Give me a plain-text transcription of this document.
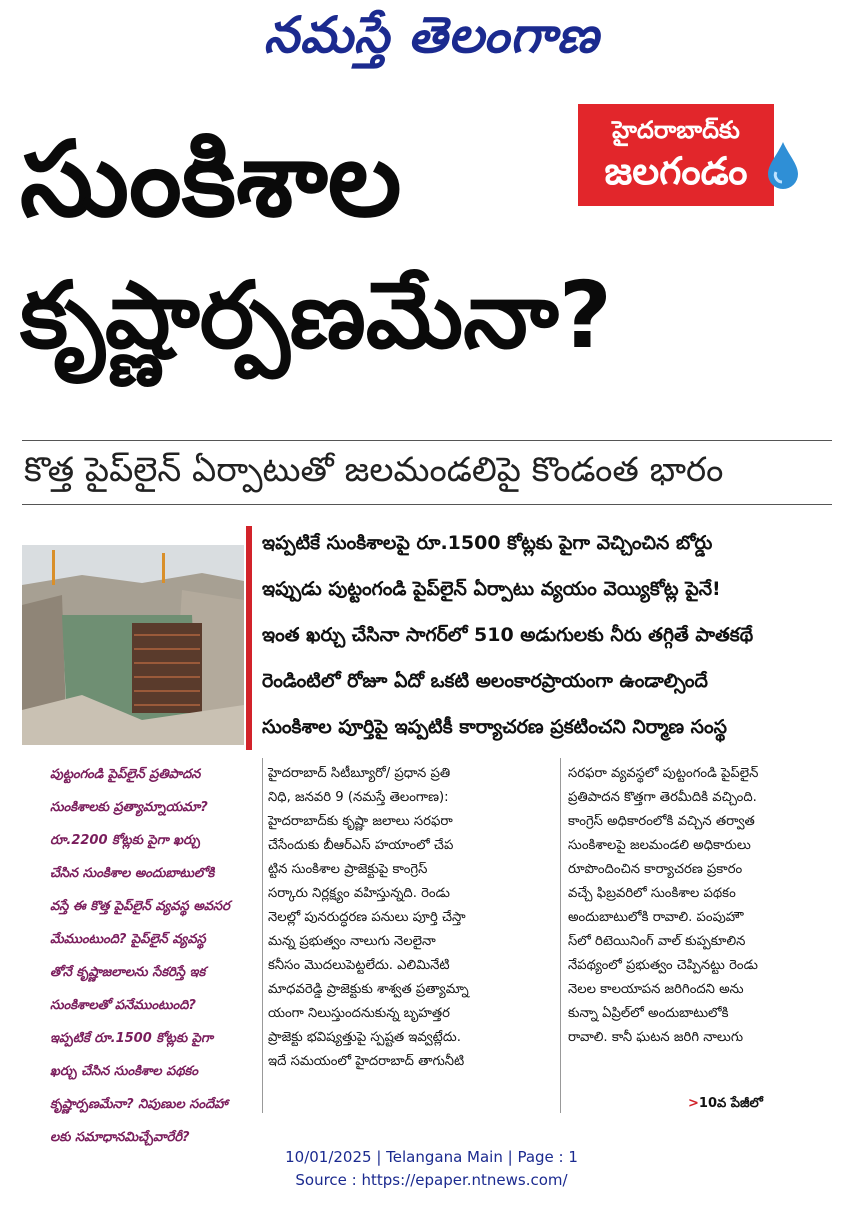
నమస్తే తెలంగాణ
సుంకిశాల
కృష్ణార్పణమేనా?
హైదరాబాద్‌కు
జలగండం
కొత్త పైప్‌లైన్ ఏర్పాటుతో జలమండలిపై కొండంత భారం
ఇప్పటికే సుంకిశాలపై రూ.1500 కోట్లకు పైగా వెచ్చించిన బోర్డు
ఇప్పుడు పుట్టంగండి పైప్‌లైన్ ఏర్పాటు వ్యయం వెయ్యికోట్ల పైనే!
ఇంత ఖర్చు చేసినా సాగర్‌లో 510 అడుగులకు నీరు తగ్గితే పాతకథే
రెండింటిలో రోజూ ఏదో ఒకటి అలంకారప్రాయంగా ఉండాల్సిందే
సుంకిశాల పూర్తిపై ఇప్పటికీ కార్యాచరణ ప్రకటించని నిర్మాణ సంస్థ
పుట్టంగండి పైప్‌లైన్ ప్రతిపాదన
సుంకిశాలకు ప్రత్యామ్నాయమా?
రూ.2200 కోట్లకు పైగా ఖర్చు
చేసిన సుంకిశాల అందుబాటులోకి
వస్తే ఈ కొత్త పైప్‌లైన్ వ్యవస్థ అవసర
మేముంటుంది? పైప్‌లైన్ వ్యవస్థ
తోనే కృష్ణాజలాలను సేకరిస్తే ఇక
సుంకిశాలతో పనేముంటుంది?
ఇప్పటికే రూ.1500 కోట్లకు పైగా
ఖర్చు చేసిన సుంకిశాల పథకం
కృష్ణార్పణమేనా? నిపుణుల సందేహా
లకు సమాధానమిచ్చేవారేరీ?
హైదరాబాద్ సిటీబ్యూరో/ ప్రధాన ప్రతి
నిధి, జనవరి 9 (నమస్తే తెలంగాణ):
హైదరాబాద్‌కు కృష్ణా జలాలు సరఫరా
చేసేందుకు బీఆర్‌ఎస్ హయాంలో చేప
ట్టిన సుంకిశాల ప్రాజెక్టుపై కాంగ్రెస్
సర్కారు నిర్లక్ష్యం వహిస్తున్నది. రెండు
నెలల్లో పునరుద్ధరణ పనులు పూర్తి చేస్తా
మన్న ప్రభుత్వం నాలుగు నెలలైనా
కనీసం మొదలుపెట్టలేదు. ఎలిమినేటి
మాధవరెడ్డి ప్రాజెక్టుకు శాశ్వత ప్రత్యామ్నా
యంగా నిలుస్తుందనుకున్న బృహత్తర
ప్రాజెక్టు భవిష్యత్తుపై స్పష్టత ఇవ్వట్లేదు.
ఇదే సమయంలో హైదరాబాద్ తాగునీటి
సరఫరా వ్యవస్థలో పుట్టంగండి పైప్‌లైన్
ప్రతిపాదన కొత్తగా తెరమీదికి వచ్చింది.
కాంగ్రెస్ అధికారంలోకి వచ్చిన తర్వాత
సుంకిశాలపై జలమండలి అధికారులు
రూపొందించిన కార్యాచరణ ప్రకారం
వచ్చే ఫిబ్రవరిలో సుంకిశాల పథకం
అందుబాటులోకి రావాలి. పంపుహౌ
స్‌లో రిటెయినింగ్ వాల్ కుప్పకూలిన
నేపథ్యంలో ప్రభుత్వం చెప్పినట్టు రెండు
నెలల కాలయాపన జరిగిందని అను
కున్నా ఏప్రిల్‌లో అందుబాటులోకి
రావాలి. కానీ ఘటన జరిగి నాలుగు
>10వ పేజీలో
10/01/2025 | Telangana Main | Page : 1
Source : https://epaper.ntnews.com/
